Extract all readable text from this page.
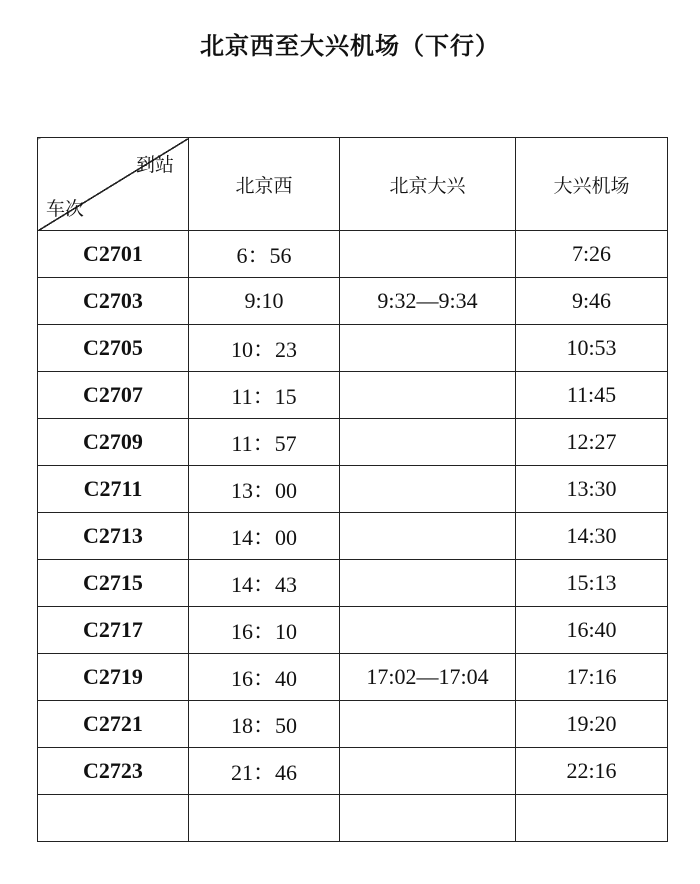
北京西至大兴机场（下行）
到站
车次	北京西	北京大兴	大兴机场
C2701	6：56		7:26
C2703	9:10	9:32—9:34	9:46
C2705	10：23		10:53
C2707	11：15		11:45
C2709	11：57		12:27
C2711	13：00		13:30
C2713	14：00		14:30
C2715	14：43		15:13
C2717	16：10		16:40
C2719	16：40	17:02—17:04	17:16
C2721	18：50		19:20
C2723	21：46		22:16
